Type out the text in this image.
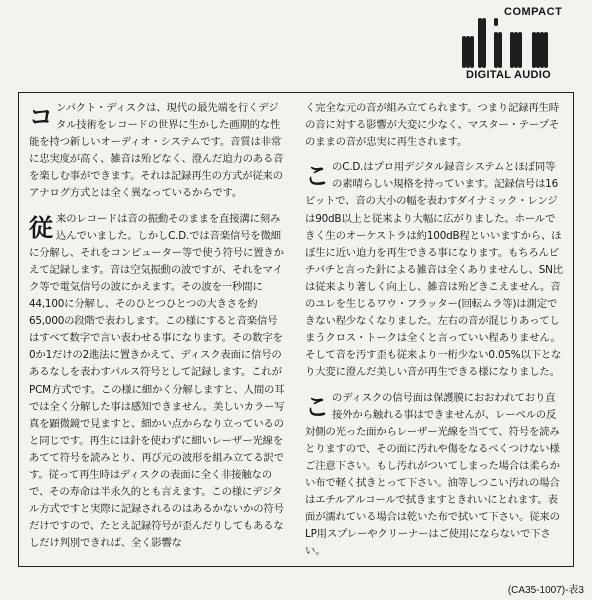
COMPACT
DIGITAL AUDIO

コ ンパクト・ディスクは、現代の最先端を行くデジタル技術をレコードの世界に生かした画期的な性能を持つ新しいオーディオ・システムです。音質は非常に忠実度が高く、雑音は殆どなく、澄んだ迫力のある音を楽しむ事ができます。それは記録再生の方式が従来のアナログ方式とは全く異なっているからです。

従 来のレコードは音の振動そのままを直接溝に刻み込んでいました。しかしC.D.では音楽信号を微細に分解し、それをコンピューター等で使う符号に置きかえて記録します。音は空気振動の波ですが、それをマイク等で電気信号の波にかえます。その波を一秒間に44,100に分解し、そのひとつひとつの大きさを約65,000の段階で表わします。この様にすると音楽信号はすべて数字で言い表わせる事になります。その数字を0か1だけの2進法に置きかえて、ディスク表面に信号のあるなしを表わすパルス符号として記録します。これがPCM方式です。この様に細かく分解しますと、人間の耳では全く分解した事は感知できません。美しいカラー写真を顕微鏡で見ますと、細かい点からなり立っているのと同じです。再生には針を使わずに細いレーザー光線をあてて符号を読みとり、再び元の波形を組み立てる訳です。従って再生時はディスクの表面に全く非接触なので、その寿命は半永久的とも言えます。この様にデジタル方式ですと実際に記録されるのはあるかないかの符号だけですので、たとえ記録符号が歪んだりしてもあるなしだけ判別できれば、全く影響な

く完全な元の音が組み立てられます。つまり記録再生時の音に対する影響が大変に少なく、マスター・テープそのままの音が忠実に再生されます。

こ のC.D.はプロ用デジタル録音システムとほぼ同等の素晴らしい規格を持っています。記録信号は16ビットで、音の大小の幅を表わすダイナミック・レンジは90dB以上と従来より大幅に広がりました。ホールできく生のオーケストラは約100dB程といいますから、ほぼ生に近い迫力を再生できる事になります。もちろんピチパチと言った針による雑音は全くありませんし、SN比は従来より著しく向上し、雑音は殆どきこえません。音のユレを生じるワウ・フラッター(回転ムラ等)は測定できない程少なくなりました。左右の音が混じりあってしまうクロス・トークは全くと言っていい程ありません。そして音を汚す歪も従来より一桁少ない0.05%以下となり大変に澄んだ美しい音が再生できる様になりました。

こ のディスクの信号面は保護膜におおわれており直接外から触れる事はできませんが、レーベルの反対側の光った面からレーザー光線を当てて、符号を読みとりますので、その面に汚れや傷をなるべくつけない様ご注意下さい。もし汚れがついてしまった場合は柔らかい布で軽く拭きとって下さい。油等しつこい汚れの場合はエチルアルコールで拭きますときれいにとれます。表面が濡れている場合は乾いた布で拭いて下さい。従来のLP用スプレーやクリーナーはご使用にならないで下さい。

(CA35-1007)-表3
